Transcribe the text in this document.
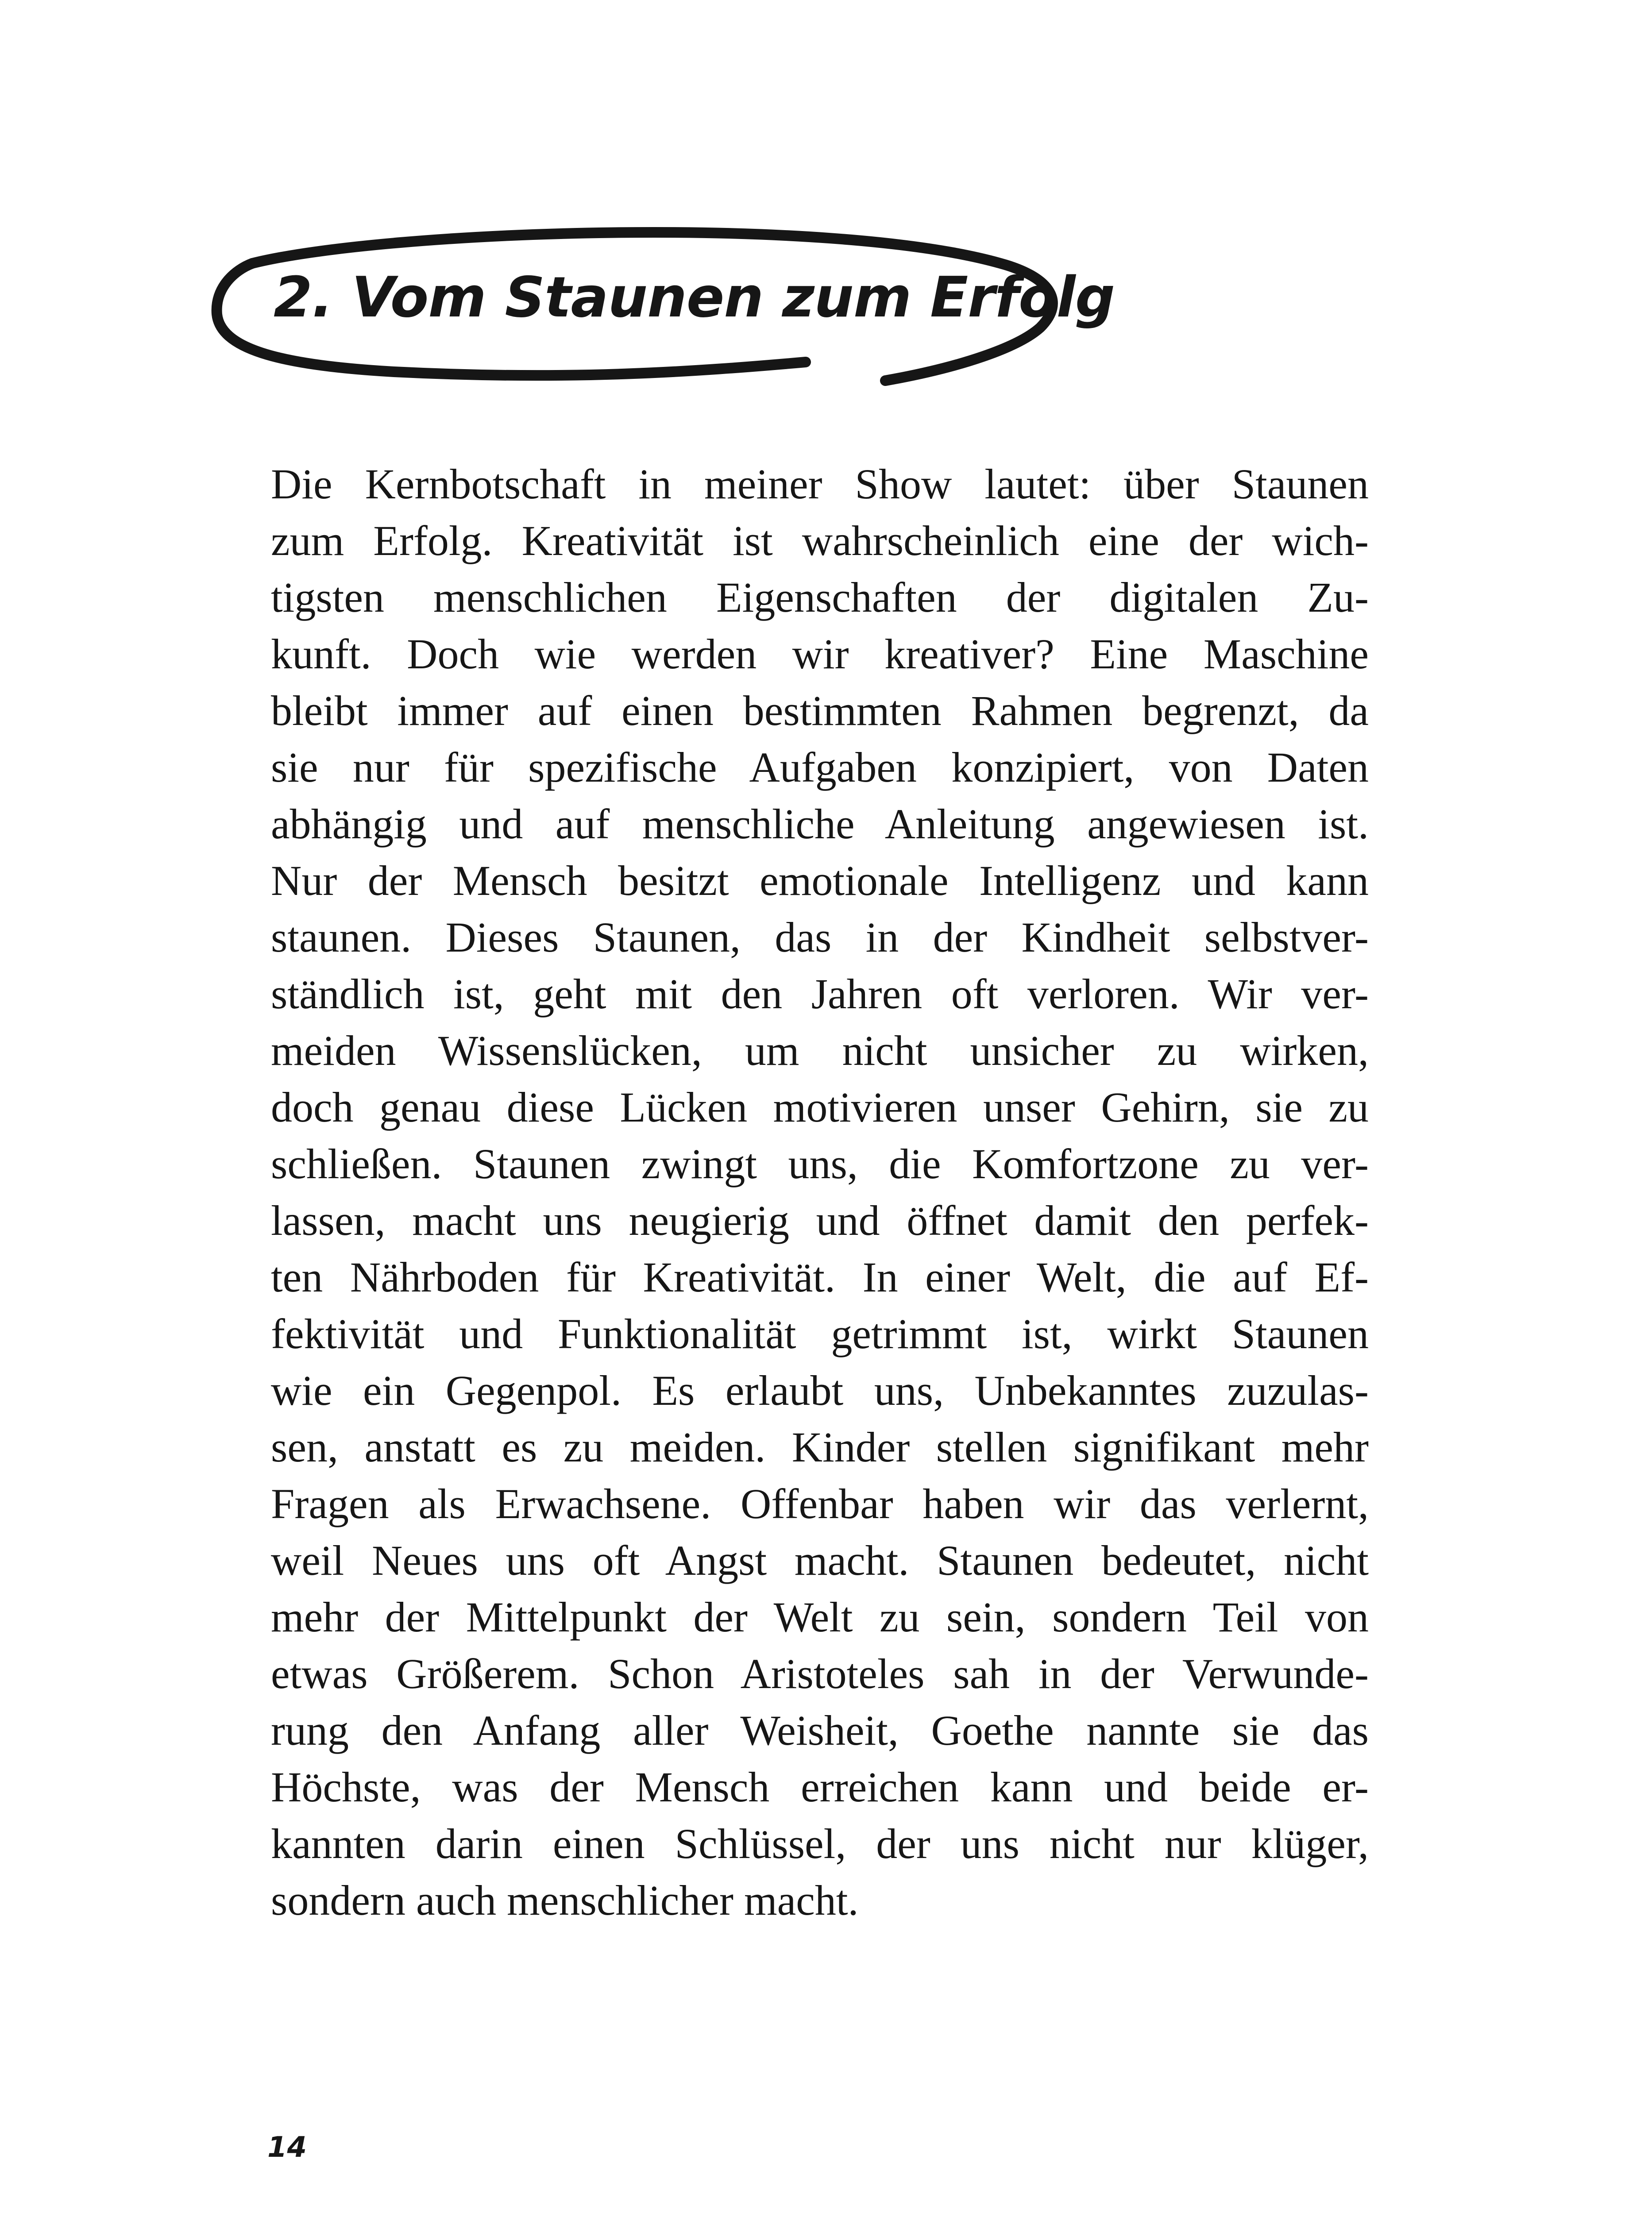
2. Vom Staunen zum Erfolg
Die Kernbotschaft in meiner Show lautet: über Staunen
zum Erfolg. Kreativität ist wahrscheinlich eine der wich-
tigsten menschlichen Eigenschaften der digitalen Zu-
kunft. Doch wie werden wir kreativer? Eine Maschine
bleibt immer auf einen bestimmten Rahmen begrenzt, da
sie nur für spezifische Aufgaben konzipiert, von Daten
abhängig und auf menschliche Anleitung angewiesen ist.
Nur der Mensch besitzt emotionale Intelligenz und kann
staunen. Dieses Staunen, das in der Kindheit selbstver-
ständlich ist, geht mit den Jahren oft verloren. Wir ver-
meiden Wissenslücken, um nicht unsicher zu wirken,
doch genau diese Lücken motivieren unser Gehirn, sie zu
schließen. Staunen zwingt uns, die Komfortzone zu ver-
lassen, macht uns neugierig und öffnet damit den perfek-
ten Nährboden für Kreativität. In einer Welt, die auf Ef-
fektivität und Funktionalität getrimmt ist, wirkt Staunen
wie ein Gegenpol. Es erlaubt uns, Unbekanntes zuzulas-
sen, anstatt es zu meiden. Kinder stellen signifikant mehr
Fragen als Erwachsene. Offenbar haben wir das verlernt,
weil Neues uns oft Angst macht. Staunen bedeutet, nicht
mehr der Mittelpunkt der Welt zu sein, sondern Teil von
etwas Größerem. Schon Aristoteles sah in der Verwunde-
rung den Anfang aller Weisheit, Goethe nannte sie das
Höchste, was der Mensch erreichen kann und beide er-
kannten darin einen Schlüssel, der uns nicht nur klüger,
sondern auch menschlicher macht.
14
